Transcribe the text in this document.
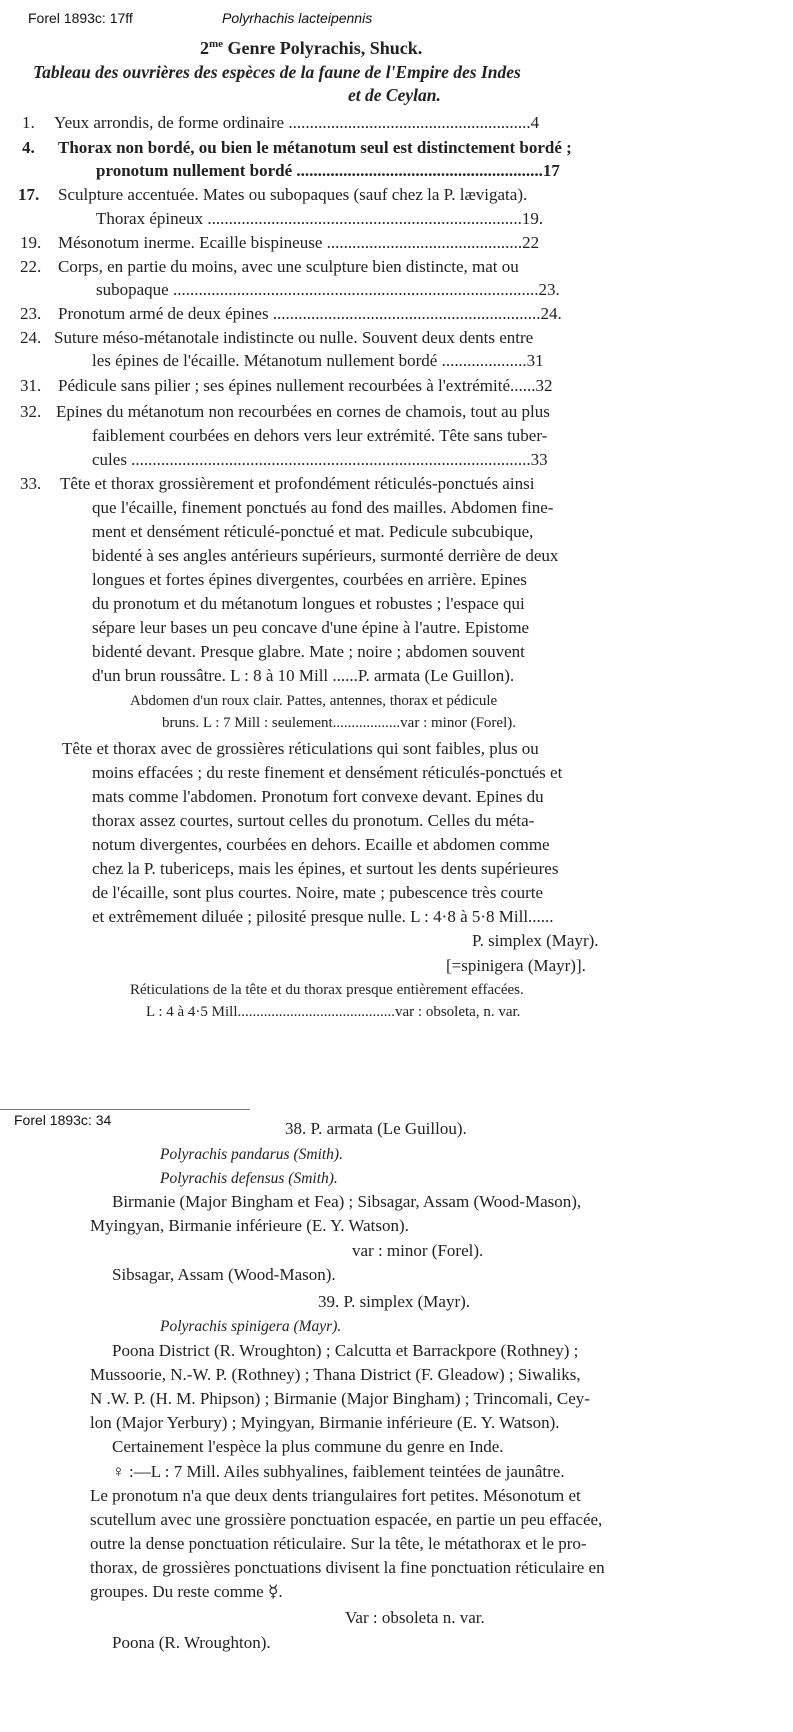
Forel 1893c: 17ff	Polyrhachis lacteipennis
$2^{me}$ Genre Polyrachis, Shuck.
Tableau des ouvrières des espèces de la faune de l'Empire des Indes
et de Ceylan.
1. Yeux arrondis, de forme ordinaire .........................................................4
4. Thorax non bordé, ou bien le métanotum seul est distinctement bordé ;
pronotum nullement bordé ..........................................................17
17. Sculpture accentuée. Mates ou subopaques (sauf chez la P. lævigata).
Thorax épineux ..........................................................................19.
19. Mésonotum inerme. Ecaille bispineuse ..............................................22
22. Corps, en partie du moins, avec une sculpture bien distincte, mat ou
subopaque ......................................................................................23.
23. Pronotum armé de deux épines ...............................................................24.
24. Suture méso-métanotale indistincte ou nulle. Souvent deux dents entre
les épines de l'écaille. Métanotum nullement bordé ....................31
31. Pédicule sans pilier ; ses épines nullement recourbées à l'extrémité......32
32. Epines du métanotum non recourbées en cornes de chamois, tout au plus
faiblement courbées en dehors vers leur extrémité. Tête sans tuber-
cules ..............................................................................................33
33. Tête et thorax grossièrement et profondément réticulés-ponctués ainsi
que l'écaille, finement ponctués au fond des mailles. Abdomen fine-
ment et densément réticulé-ponctué et mat. Pedicule subcubique,
bidenté à ses angles antérieurs supérieurs, surmonté derrière de deux
longues et fortes épines divergentes, courbées en arrière. Epines
du pronotum et du métanotum longues et robustes ; l'espace qui
sépare leur bases un peu concave d'une épine à l'autre. Epistome
bidenté devant. Presque glabre. Mate ; noire ; abdomen souvent
d'un brun roussâtre. L : 8 à 10 Mill ......P. armata (Le Guillon).
Abdomen d'un roux clair. Pattes, antennes, thorax et pédicule
bruns. L : 7 Mill : seulement..................var : minor (Forel).
Tête et thorax avec de grossières réticulations qui sont faibles, plus ou
moins effacées ; du reste finement et densément réticulés-ponctués et
mats comme l'abdomen. Pronotum fort convexe devant. Epines du
thorax assez courtes, surtout celles du pronotum. Celles du méta-
notum divergentes, courbées en dehors. Ecaille et abdomen comme
chez la P. tubericeps, mais les épines, et surtout les dents supérieures
de l'écaille, sont plus courtes. Noire, mate ; pubescence très courte
et extrêmement diluée ; pilosité presque nulle. L : 4·8 à 5·8 Mill......
P. simplex (Mayr).
[=spinigera (Mayr)].
Réticulations de la tête et du thorax presque entièrement effacées.
L : 4 à 4·5 Mill..........................................var : obsoleta, n. var.
Forel 1893c: 34	38. P. armata (Le Guillou).
Polyrachis pandarus (Smith).
Polyrachis defensus (Smith).
Birmanie (Major Bingham et Fea) ; Sibsagar, Assam (Wood-Mason),
Myingyan, Birmanie inférieure (E. Y. Watson).
var : minor (Forel).
Sibsagar, Assam (Wood-Mason).
39. P. simplex (Mayr).
Polyrachis spinigera (Mayr).
Poona District (R. Wroughton) ; Calcutta et Barrackpore (Rothney) ;
Mussoorie, N.-W. P. (Rothney) ; Thana District (F. Gleadow) ; Siwaliks,
N .W. P. (H. M. Phipson) ; Birmanie (Major Bingham) ; Trincomali, Cey-
lon (Major Yerbury) ; Myingyan, Birmanie inférieure (E. Y. Watson).
Certainement l'espèce la plus commune du genre en Inde.
♀ :—L : 7 Mill. Ailes subhyalines, faiblement teintées de jaunâtre.
Le pronotum n'a que deux dents triangulaires fort petites. Mésonotum et
scutellum avec une grossière ponctuation espacée, en partie un peu effacée,
outre la dense ponctuation réticulaire. Sur la tête, le métathorax et le pro-
thorax, de grossières ponctuations divisent la fine ponctuation réticulaire en
groupes. Du reste comme ☿.
Var : obsoleta n. var.
Poona (R. Wroughton).
